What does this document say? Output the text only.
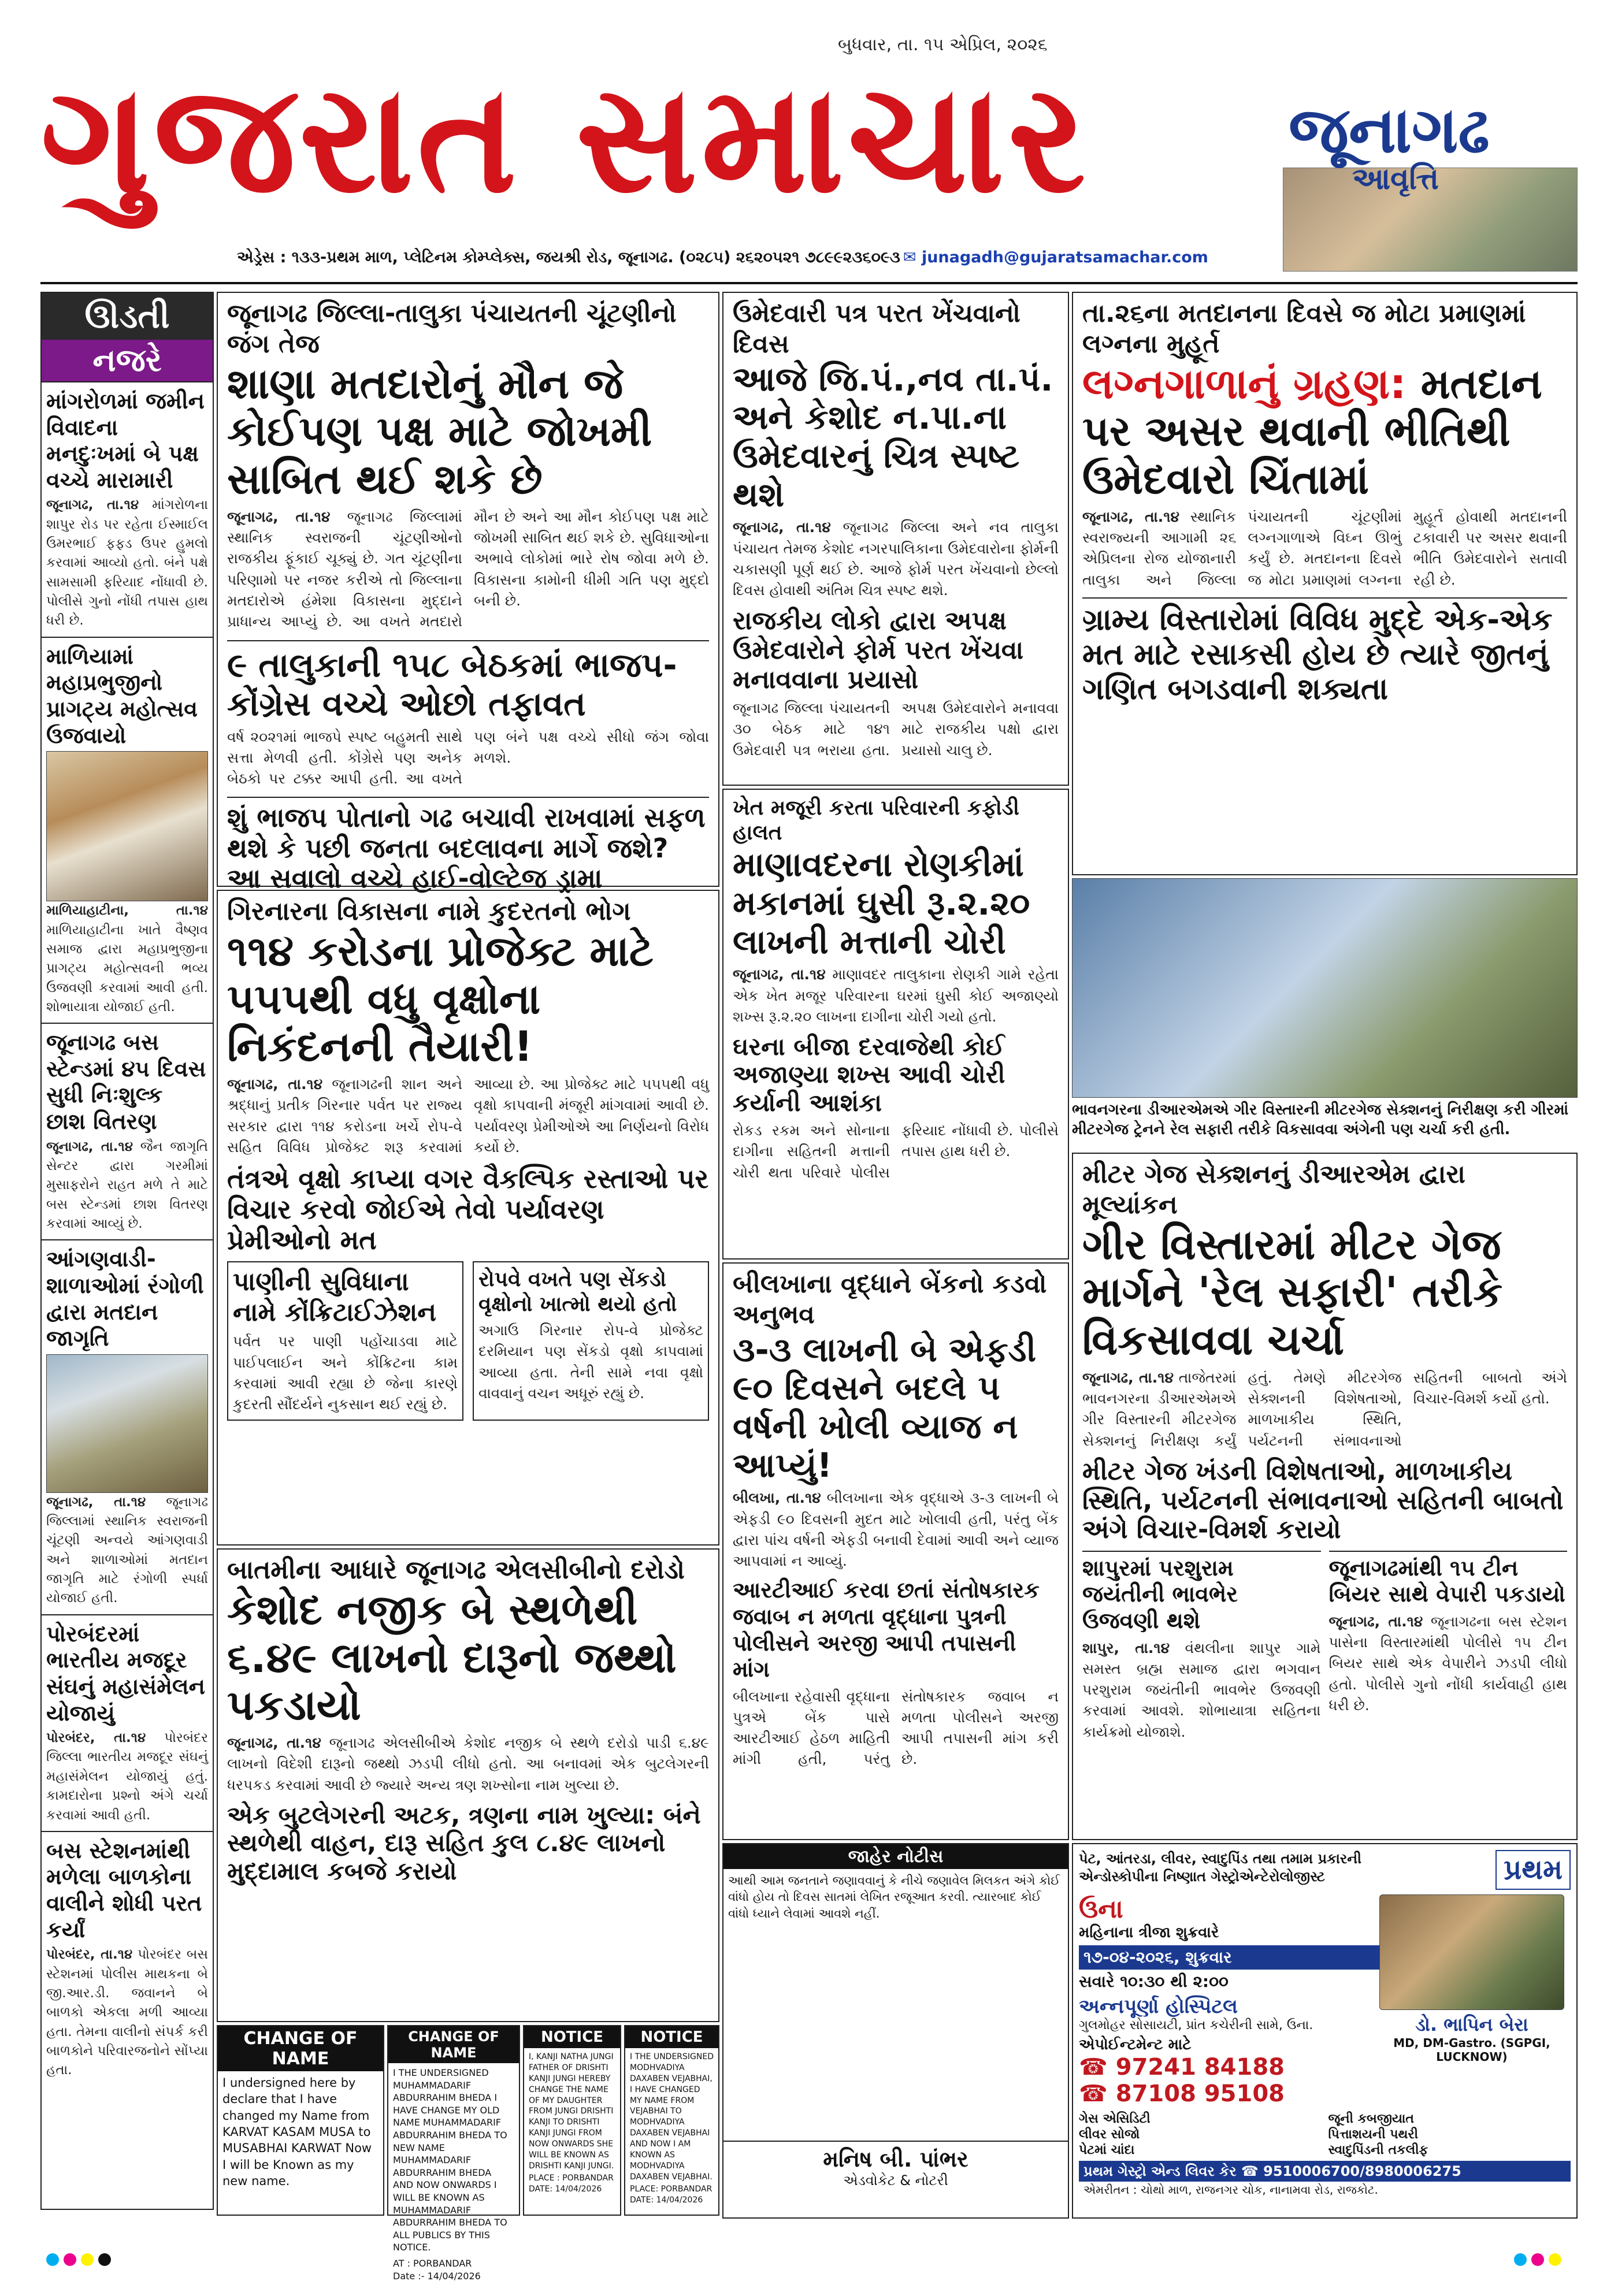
બુધવાર, તા. ૧૫ એપ્રિલ, ૨૦૨૬
ગુજરાત સમાચાર	જૂનાગઢ
આવૃત્તિ
એડ્રેસ : ૧૩૩-પ્રથમ માળ, પ્લેટિનમ કોમ્પ્લેક્સ, જયશ્રી રોડ, જૂનાગઢ. (૦૨૮૫) ૨૬૨૦૫૨૧ ૭૮૯૯૨૩૬૦૯૩ ✉ junagadh@gujaratsamachar.com
ઊડતી
નજરે
માંગરોળમાં જમીન વિવાદના મનદુઃખમાં બે પક્ષ વચ્ચે મારામારી
જૂનાગઢ, તા.૧૪ માંગરોળના શાપુર રોડ પર રહેતા ઈસ્માઈલ ઉમરભાઈ ફફડ ઉપર હુમલો કરવામાં આવ્યો હતો. બંને પક્ષે સામસામી ફરિયાદ નોંધાવી છે. પોલીસે ગુનો નોંધી તપાસ હાથ ધરી છે.
માળિયામાં મહાપ્રભુજીનો પ્રાગટ્ય મહોત્સવ ઉજવાયો
માળિયાહાટીના, તા.૧૪ માળિયાહાટીના ખાતે વૈષ્ણવ સમાજ દ્વારા મહાપ્રભુજીના પ્રાગટ્ય મહોત્સવની ભવ્ય ઉજવણી કરવામાં આવી હતી. શોભાયાત્રા યોજાઈ હતી.
જૂનાગઢ બસ સ્ટેન્ડમાં ૪૫ દિવસ સુધી નિઃશુલ્ક છાશ વિતરણ
જૂનાગઢ, તા.૧૪ જૈન જાગૃતિ સેન્ટર દ્વારા ગરમીમાં મુસાફરોને રાહત મળે તે માટે બસ સ્ટેન્ડમાં છાશ વિતરણ કરવામાં આવ્યું છે.
આંગણવાડી-શાળાઓમાં રંગોળી દ્વારા મતદાન જાગૃતિ
જૂનાગઢ, તા.૧૪ જૂનાગઢ જિલ્લામાં સ્થાનિક સ્વરાજની ચૂંટણી અન્વયે આંગણવાડી અને શાળાઓમાં મતદાન જાગૃતિ માટે રંગોળી સ્પર્ધા યોજાઈ હતી.
પોરબંદરમાં ભારતીય મજદૂર સંઘનું મહાસંમેલન યોજાયું
પોરબંદર, તા.૧૪ પોરબંદર જિલ્લા ભારતીય મજદૂર સંઘનું મહાસંમેલન યોજાયું હતું. કામદારોના પ્રશ્નો અંગે ચર્ચા કરવામાં આવી હતી.
બસ સ્ટેશનમાંથી મળેલા બાળકોના વાલીને શોધી પરત કર્યાં
પોરબંદર, તા.૧૪ પોરબંદર બસ સ્ટેશનમાં પોલીસ માથકના બે જી.આર.ડી. જવાનને બે બાળકો એકલા મળી આવ્યા હતા. તેમના વાલીનો સંપર્ક કરી બાળકોને પરિવારજનોને સોંપ્યા હતા.
જૂનાગઢ જિલ્લા-તાલુકા પંચાયતની ચૂંટણીનો જંગ તેજ
શાણા મતદારોનું મૌન જે કોઈપણ પક્ષ માટે જોખમી સાબિત થઈ શકે છે
જૂનાગઢ, તા.૧૪ જૂનાગઢ જિલ્લામાં સ્થાનિક સ્વરાજની ચૂંટણીઓનો રાજકીય ફૂંકાઈ ચૂક્યું છે. ગત ચૂંટણીના પરિણામો પર નજર કરીએ તો જિલ્લાના મતદારોએ હંમેશા વિકાસના મુદ્દાને પ્રાધાન્ય આપ્યું છે. આ વખતે મતદારો મૌન છે અને આ મૌન કોઈપણ પક્ષ માટે જોખમી સાબિત થઈ શકે છે. સુવિધાઓના અભાવે લોકોમાં ભારે રોષ જોવા મળે છે. વિકાસના કામોની ધીમી ગતિ પણ મુદ્દો બની છે.
૯ તાલુકાની ૧૫૮ બેઠકમાં ભાજપ-કોંગ્રેસ વચ્ચે ઓછો તફાવત
વર્ષ ૨૦૨૧માં ભાજપે સ્પષ્ટ બહુમતી સાથે સત્તા મેળવી હતી. કોંગ્રેસે પણ અનેક બેઠકો પર ટક્કર આપી હતી. આ વખતે પણ બંને પક્ષ વચ્ચે સીધો જંગ જોવા મળશે.
શું ભાજપ પોતાનો ગઢ બચાવી રાખવામાં સફળ થશે કે પછી જનતા બદલાવના માર્ગે જશે? આ સવાલો વચ્ચે હાઈ-વોલ્ટેજ ડ્રામા
ઉમેદવારી પત્ર પરત ખેંચવાનો દિવસ
આજે જિ.પં.,નવ તા.પં. અને કેશોદ ન.પા.ના ઉમેદવારનું ચિત્ર સ્પષ્ટ થશે
જૂનાગઢ, તા.૧૪ જૂનાગઢ જિલ્લા અને નવ તાલુકા પંચાયત તેમજ કેશોદ નગરપાલિકાના ઉમેદવારોના ફોર્મની ચકાસણી પૂર્ણ થઈ છે. આજે ફોર્મ પરત ખેંચવાનો છેલ્લો દિવસ હોવાથી અંતિમ ચિત્ર સ્પષ્ટ થશે.
રાજકીય લોકો દ્વારા અપક્ષ ઉમેદવારોને ફોર્મ પરત ખેંચવા મનાવવાના પ્રયાસો
જૂનાગઢ જિલ્લા પંચાયતની ૩૦ બેઠક માટે ૧૪૧ ઉમેદવારી પત્ર ભરાયા હતા. અપક્ષ ઉમેદવારોને મનાવવા માટે રાજકીય પક્ષો દ્વારા પ્રયાસો ચાલુ છે.
તા.૨૬ના મતદાનના દિવસે જ મોટા પ્રમાણમાં લગ્નના મુહૂર્ત
લગ્નગાળાનું ગ્રહણ: મતદાન પર અસર થવાની ભીતિથી ઉમેદવારો ચિંતામાં
જૂનાગઢ, તા.૧૪ સ્થાનિક સ્વરાજ્યની આગામી ૨૬ એપ્રિલના રોજ યોજાનારી તાલુકા અને જિલ્લા પંચાયતની ચૂંટણીમાં લગ્નગાળાએ વિઘ્ન ઊભું કર્યું છે. મતદાનના દિવસે જ મોટા પ્રમાણમાં લગ્નના મુહૂર્ત હોવાથી મતદાનની ટકાવારી પર અસર થવાની ભીતિ ઉમેદવારોને સતાવી રહી છે.
ગ્રામ્ય વિસ્તારોમાં વિવિધ મુદ્દે એક-એક મત માટે રસાકસી હોય છે ત્યારે જીતનું ગણિત બગડવાની શક્યતા
ભાવનગરના ડીઆરએમએ ગીર વિસ્તારની મીટરગેજ સેક્શનનું નિરીક્ષણ કરી ગીરમાં મીટરગેજ ટ્રેનને રેલ સફારી તરીકે વિકસાવવા અંગેની પણ ચર્ચા કરી હતી.
ખેત મજૂરી કરતા પરિવારની કફોડી હાલત
માણાવદરના રોણકીમાં મકાનમાં ઘુસી રૂ.૨.૨૦ લાખની મત્તાની ચોરી
જૂનાગઢ, તા.૧૪ માણાવદર તાલુકાના રોણકી ગામે રહેતા એક ખેત મજૂર પરિવારના ઘરમાં ઘુસી કોઈ અજાણ્યો શખ્સ રૂ.૨.૨૦ લાખના દાગીના ચોરી ગયો હતો.
ઘરના બીજા દરવાજેથી કોઈ અજાણ્યા શખ્સ આવી ચોરી કર્યાની આશંકા
રોકડ રકમ અને સોનાના દાગીના સહિતની મત્તાની ચોરી થતા પરિવારે પોલીસ ફરિયાદ નોંધાવી છે. પોલીસે તપાસ હાથ ધરી છે.
ગિરનારના વિકાસના નામે કુદરતનો ભોગ
૧૧૪ કરોડના પ્રોજેક્ટ માટે ૫૫૫થી વધુ વૃક્ષોના નિકંદનની તૈયારી!
જૂનાગઢ, તા.૧૪ જૂનાગઢની શાન અને શ્રદ્ધાનું પ્રતીક ગિરનાર પર્વત પર રાજ્ય સરકાર દ્વારા ૧૧૪ કરોડના ખર્ચે રોપ-વે સહિત વિવિધ પ્રોજેક્ટ શરૂ કરવામાં આવ્યા છે. આ પ્રોજેક્ટ માટે ૫૫૫થી વધુ વૃક્ષો કાપવાની મંજૂરી માંગવામાં આવી છે. પર્યાવરણ પ્રેમીઓએ આ નિર્ણયનો વિરોધ કર્યો છે.
તંત્રએ વૃક્ષો કાપ્યા વગર વૈકલ્પિક રસ્તાઓ પર વિચાર કરવો જોઈએ તેવો પર્યાવરણ પ્રેમીઓનો મત
પાણીની સુવિધાના નામે કોંક્રિટાઈઝેશન
પર્વત પર પાણી પહોંચાડવા માટે પાઈપલાઈન અને કોંક્રિટના કામ કરવામાં આવી રહ્યા છે જેના કારણે કુદરતી સૌંદર્યને નુકસાન થઈ રહ્યું છે.
રોપવે વખતે પણ સેંકડો વૃક્ષોનો ખાત્મો થયો હતો
અગાઉ ગિરનાર રોપ-વે પ્રોજેક્ટ દરમિયાન પણ સેંકડો વૃક્ષો કાપવામાં આવ્યા હતા. તેની સામે નવા વૃક્ષો વાવવાનું વચન અધૂરું રહ્યું છે.
બીલખાના વૃદ્ધાને બેંકનો કડવો અનુભવ
૩-૩ લાખની બે એફડી ૯૦ દિવસને બદલે ૫ વર્ષની ખોલી વ્યાજ ન આપ્યું!
બીલખા, તા.૧૪ બીલખાના એક વૃદ્ધાએ ૩-૩ લાખની બે એફડી ૯૦ દિવસની મુદત માટે ખોલાવી હતી, પરંતુ બેંક દ્વારા પાંચ વર્ષની એફડી બનાવી દેવામાં આવી અને વ્યાજ આપવામાં ન આવ્યું.
આરટીઆઈ કરવા છતાં સંતોષકારક જવાબ ન મળતા વૃદ્ધાના પુત્રની પોલીસને અરજી આપી તપાસની માંગ
બીલખાના રહેવાસી વૃદ્ધાના પુત્રએ બેંક પાસે આરટીઆઈ હેઠળ માહિતી માંગી હતી, પરંતુ સંતોષકારક જવાબ ન મળતા પોલીસને અરજી આપી તપાસની માંગ કરી છે.
મીટર ગેજ સેક્શનનું ડીઆરએમ દ્વારા મૂલ્યાંકન
ગીર વિસ્તારમાં મીટર ગેજ માર્ગને 'રેલ સફારી' તરીકે વિકસાવવા ચર્ચા
જૂનાગઢ, તા.૧૪ તાજેતરમાં ભાવનગરના ડીઆરએમએ ગીર વિસ્તારની મીટરગેજ સેક્શનનું નિરીક્ષણ કર્યું હતું. તેમણે મીટરગેજ સેક્શનની વિશેષતાઓ, માળખાકીય સ્થિતિ, પર્યટનની સંભાવનાઓ સહિતની બાબતો અંગે વિચાર-વિમર્શ કર્યો હતો.
મીટર ગેજ ખંડની વિશેષતાઓ, માળખાકીય સ્થિતિ, પર્યટનની સંભાવનાઓ સહિતની બાબતો અંગે વિચાર-વિમર્શ કરાયો
શાપુરમાં પરશુરામ જયંતીની ભાવભેર ઉજવણી થશે
શાપુર, તા.૧૪ વંથલીના શાપુર ગામે સમસ્ત બ્રહ્મ સમાજ દ્વારા ભગવાન પરશુરામ જયંતીની ભાવભેર ઉજવણી કરવામાં આવશે. શોભાયાત્રા સહિતના કાર્યક્રમો યોજાશે.
જૂનાગઢમાંથી ૧૫ ટીન બિયર સાથે વેપારી પકડાયો
જૂનાગઢ, તા.૧૪ જૂનાગઢના બસ સ્ટેશન પાસેના વિસ્તારમાંથી પોલીસે ૧૫ ટીન બિયર સાથે એક વેપારીને ઝડપી લીધો હતો. પોલીસે ગુનો નોંધી કાર્યવાહી હાથ ધરી છે.
બાતમીના આધારે જૂનાગઢ એલસીબીનો દરોડો
કેશોદ નજીક બે સ્થળેથી ૬.૪૯ લાખનો દારૂનો જથ્થો પકડાયો
જૂનાગઢ, તા.૧૪ જૂનાગઢ એલસીબીએ કેશોદ નજીક બે સ્થળે દરોડો પાડી ૬.૪૯ લાખનો વિદેશી દારૂનો જથ્થો ઝડપી લીધો હતો. આ બનાવમાં એક બુટલેગરની ધરપકડ કરવામાં આવી છે જ્યારે અન્ય ત્રણ શખ્સોના નામ ખુલ્યા છે.
એક બુટલેગરની અટક, ત્રણના નામ ખુલ્યા: બંને સ્થળેથી વાહન, દારૂ સહિત કુલ ૮.૪૯ લાખનો મુદ્દામાલ કબજે કરાયો
જાહેર નોટીસ
આથી આમ જનતાને જણાવવાનું કે નીચે જણાવેલ મિલકત અંગે કોઈ વાંધો હોય તો દિવસ સાતમાં લેખિત રજૂઆત કરવી. ત્યારબાદ કોઈ વાંધો ધ્યાને લેવામાં આવશે નહીં.
મનિષ બી. પાંભર
એડવોકેટ & નોટરી
CHANGE OF NAME
I undersigned here by declare that I have changed my Name from KARVAT KASAM MUSA to MUSABHAI KARWAT Now I will be Known as my new name.
CHANGE OF NAME
I THE UNDERSIGNED MUHAMMADARIF ABDURRAHIM BHEDA I HAVE CHANGE MY OLD NAME MUHAMMADARIF ABDURRAHIM BHEDA TO NEW NAME MUHAMMADARIF ABDURRAHIM BHEDA AND NOW ONWARDS I WILL BE KNOWN AS MUHAMMADARIF ABDURRAHIM BHEDA TO ALL PUBLICS BY THIS NOTICE.
AT : PORBANDAR
Date :- 14/04/2026
NOTICE
I, KANJI NATHA JUNGI FATHER OF DRISHTI KANJI JUNGI HEREBY CHANGE THE NAME OF MY DAUGHTER FROM JUNGI DRISHTI KANJI TO DRISHTI KANJI JUNGI FROM NOW ONWARDS SHE WILL BE KNOWN AS DRISHTI KANJI JUNGI.
PLACE : PORBANDAR
DATE: 14/04/2026
NOTICE
I THE UNDERSIGNED MODHVADIYA DAXABEN VEJABHAI, I HAVE CHANGED MY NAME FROM VEJABHAI TO MODHVADIYA DAXABEN VEJABHAI AND NOW I AM KNOWN AS MODHVADIYA DAXABEN VEJABHAI.
PLACE: PORBANDAR
DATE: 14/04/2026
પેટ, આંતરડા, લીવર, સ્વાદુપિંડ તથા તમામ પ્રકારની એન્ડોસ્કોપીના નિષ્ણાત ગેસ્ટ્રોએન્ટેરોલોજીસ્ટ	પ્રથમ
ઉના
મહિનાના ત્રીજા શુક્રવારે
૧૭-૦૪-૨૦૨૬, શુક્રવાર
સવારે ૧૦:૩૦ થી ૨:૦૦
અન્નપૂર્ણા હોસ્પિટલ
ગુલમોહર સોસાયટી, પ્રાંત કચેરીની સામે, ઉના.
એપોઈન્ટમેન્ટ માટે
☎ 97241 84188
☎ 87108 95108
ડો. ભાપિન બેરા
MD, DM-Gastro. (SGPGI, LUCKNOW)
ગેસ એસિડિટી	જૂની કબજીયાત
લીવર સોજો	પિત્તાશયની પથરી
પેટમાં ચાંદા	સ્વાદુપિંડની તકલીફ
પ્રથમ ગેસ્ટ્રો એન્ડ લિવર કેર ☎ 9510006700/8980006275
એમરીતન : ચોથો માળ, રાજનગર ચોક, નાનામવા રોડ, રાજકોટ.
